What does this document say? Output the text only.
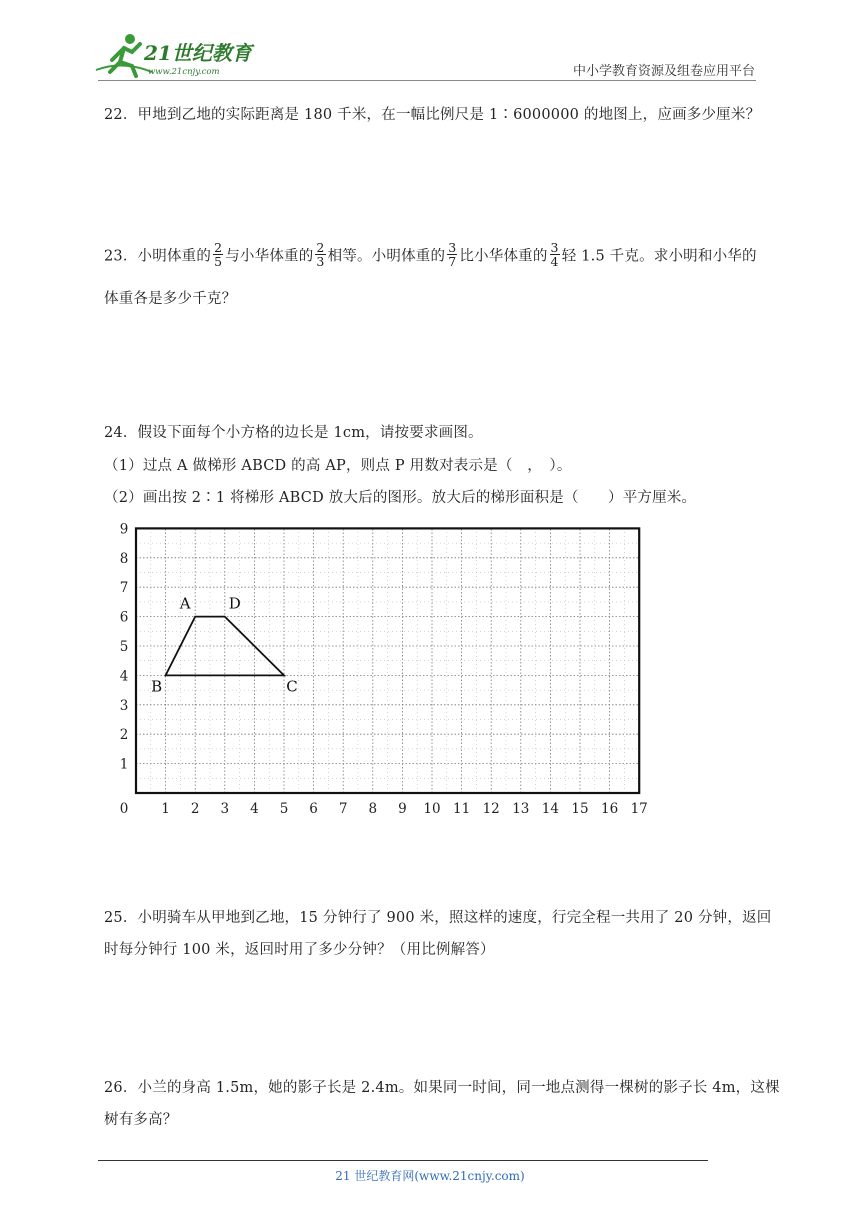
21世纪教育
www.21cnjy.com	中小学教育资源及组卷应用平台
22．甲地到乙地的实际距离是 180 千米，在一幅比例尺是 1∶6000000 的地图上，应画多少厘米？
23．小明体重的 $\frac{2}{5}$ 与小华体重的 $\frac{2}{3}$ 相等。小明体重的 $\frac{3}{7}$ 比小华体重的 $\frac{3}{4}$ 轻 1.5 千克。求小明和小华的
体重各是多少千克？
24．假设下面每个小方格的边长是 1cm，请按要求画图。
（1）过点 A 做梯形 ABCD 的高 AP，则点 P 用数对表示是（　，　）。
（2）画出按 2∶1 将梯形 ABCD 放大后的图形。放大后的梯形面积是（　　）平方厘米。
0 1 2 3 4 5 6 7 8 9 10 11 12 13 14 15 16 17
1
2
3
4
5
6
7
8
9
A	D
C
B
25．小明骑车从甲地到乙地，15 分钟行了 900 米，照这样的速度，行完全程一共用了 20 分钟，返回
时每分钟行 100 米，返回时用了多少分钟？（用比例解答）
26．小兰的身高 1.5m，她的影子长是 2.4m。如果同一时间，同一地点测得一棵树的影子长 4m，这棵
树有多高？
21 世纪教育网(www.21cnjy.com)
